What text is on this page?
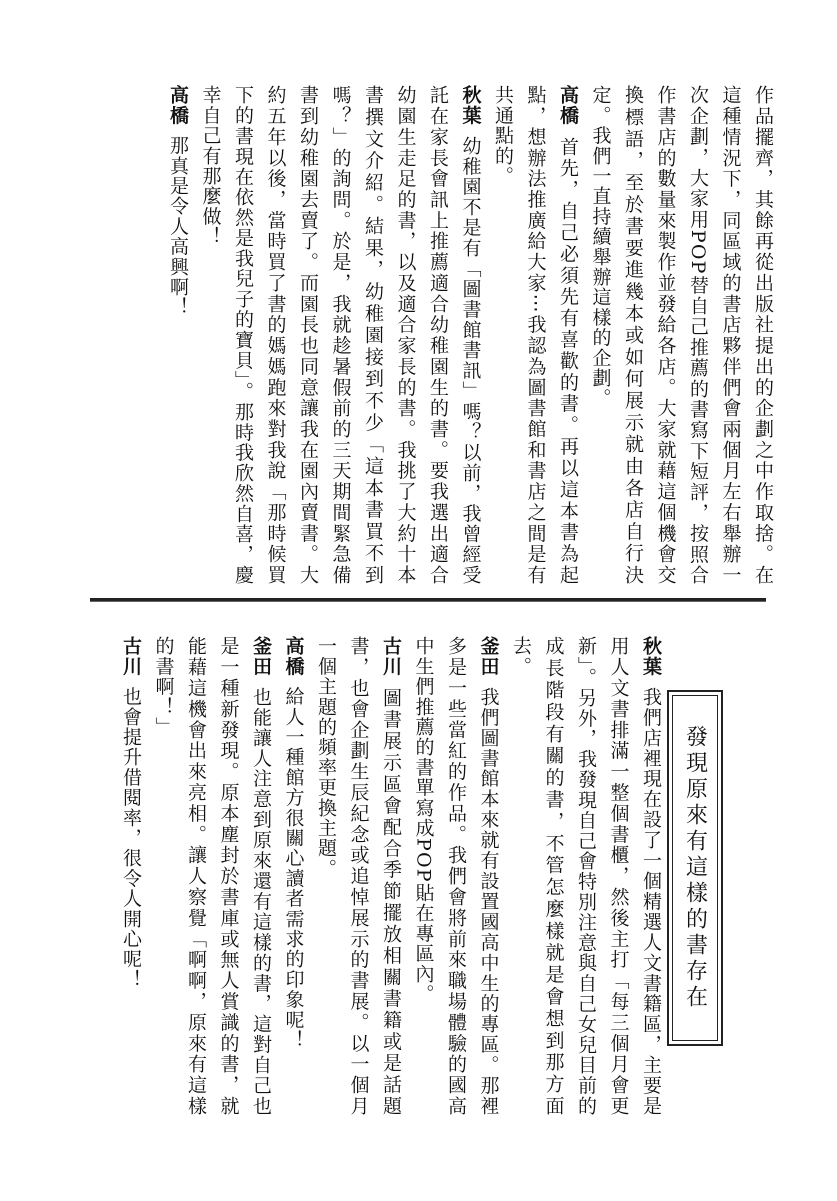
作品擺齊，其餘再從出版社提出的企劃之中作取捨。在這種情況下，同區域的書店夥伴們會兩個月左右舉辦一次企劃，大家用POP替自己推薦的書寫下短評，按照合作書店的數量來製作並發給各店。大家就藉這個機會交換標語，至於書要進幾本或如何展示就由各店自行決定。我們一直持續舉辦這樣的企劃。

高橋首先，自己必須先有喜歡的書。再以這本書為起點，想辦法推廣給大家⋯我認為圖書館和書店之間是有共通點的。

秋葉幼稚園不是有「圖書館書訊」嗎？以前，我曾經受託在家長會訊上推薦適合幼稚園生的書。要我選出適合幼園生走足的書，以及適合家長的書。我挑了大約十本書撰文介紹。結果，幼稚園接到不少「這本書買不到嗎？」的詢問。於是，我就趁暑假前的三天期間緊急備書到幼稚園去賣了。而園長也同意讓我在園內賣書。大約五年以後，當時買了書的媽媽跑來對我說「那時候買下的書現在依然是我兒子的寶貝」。那時我欣然自喜，慶幸自己有那麼做！

高橋那真是令人高興啊！

發現原來有這樣的書存在

秋葉我們店裡現在設了一個精選人文書籍區，主要是用人文書排滿一整個書櫃，然後主打「每三個月會更新」。另外，我發現自己會特別注意與自己女兒目前的成長階段有關的書，不管怎麼樣就是會想到那方面去。

釜田我們圖書館本來就有設置國高中生的專區。那裡多是一些當紅的作品。我們會將前來職場體驗的國高中生們推薦的書單寫成POP貼在專區內。

古川圖書展示區會配合季節擺放相關書籍或是話題書，也會企劃生辰紀念或追悼展示的書展。以一個月一個主題的頻率更換主題。

高橋給人一種館方很關心讀者需求的印象呢！

釜田也能讓人注意到原來還有這樣的書，這對自己也是一種新發現。原本塵封於書庫或無人賞識的書，就能藉這機會出來亮相。讓人察覺「啊啊，原來有這樣的書啊！」

古川也會提升借閱率，很令人開心呢！
